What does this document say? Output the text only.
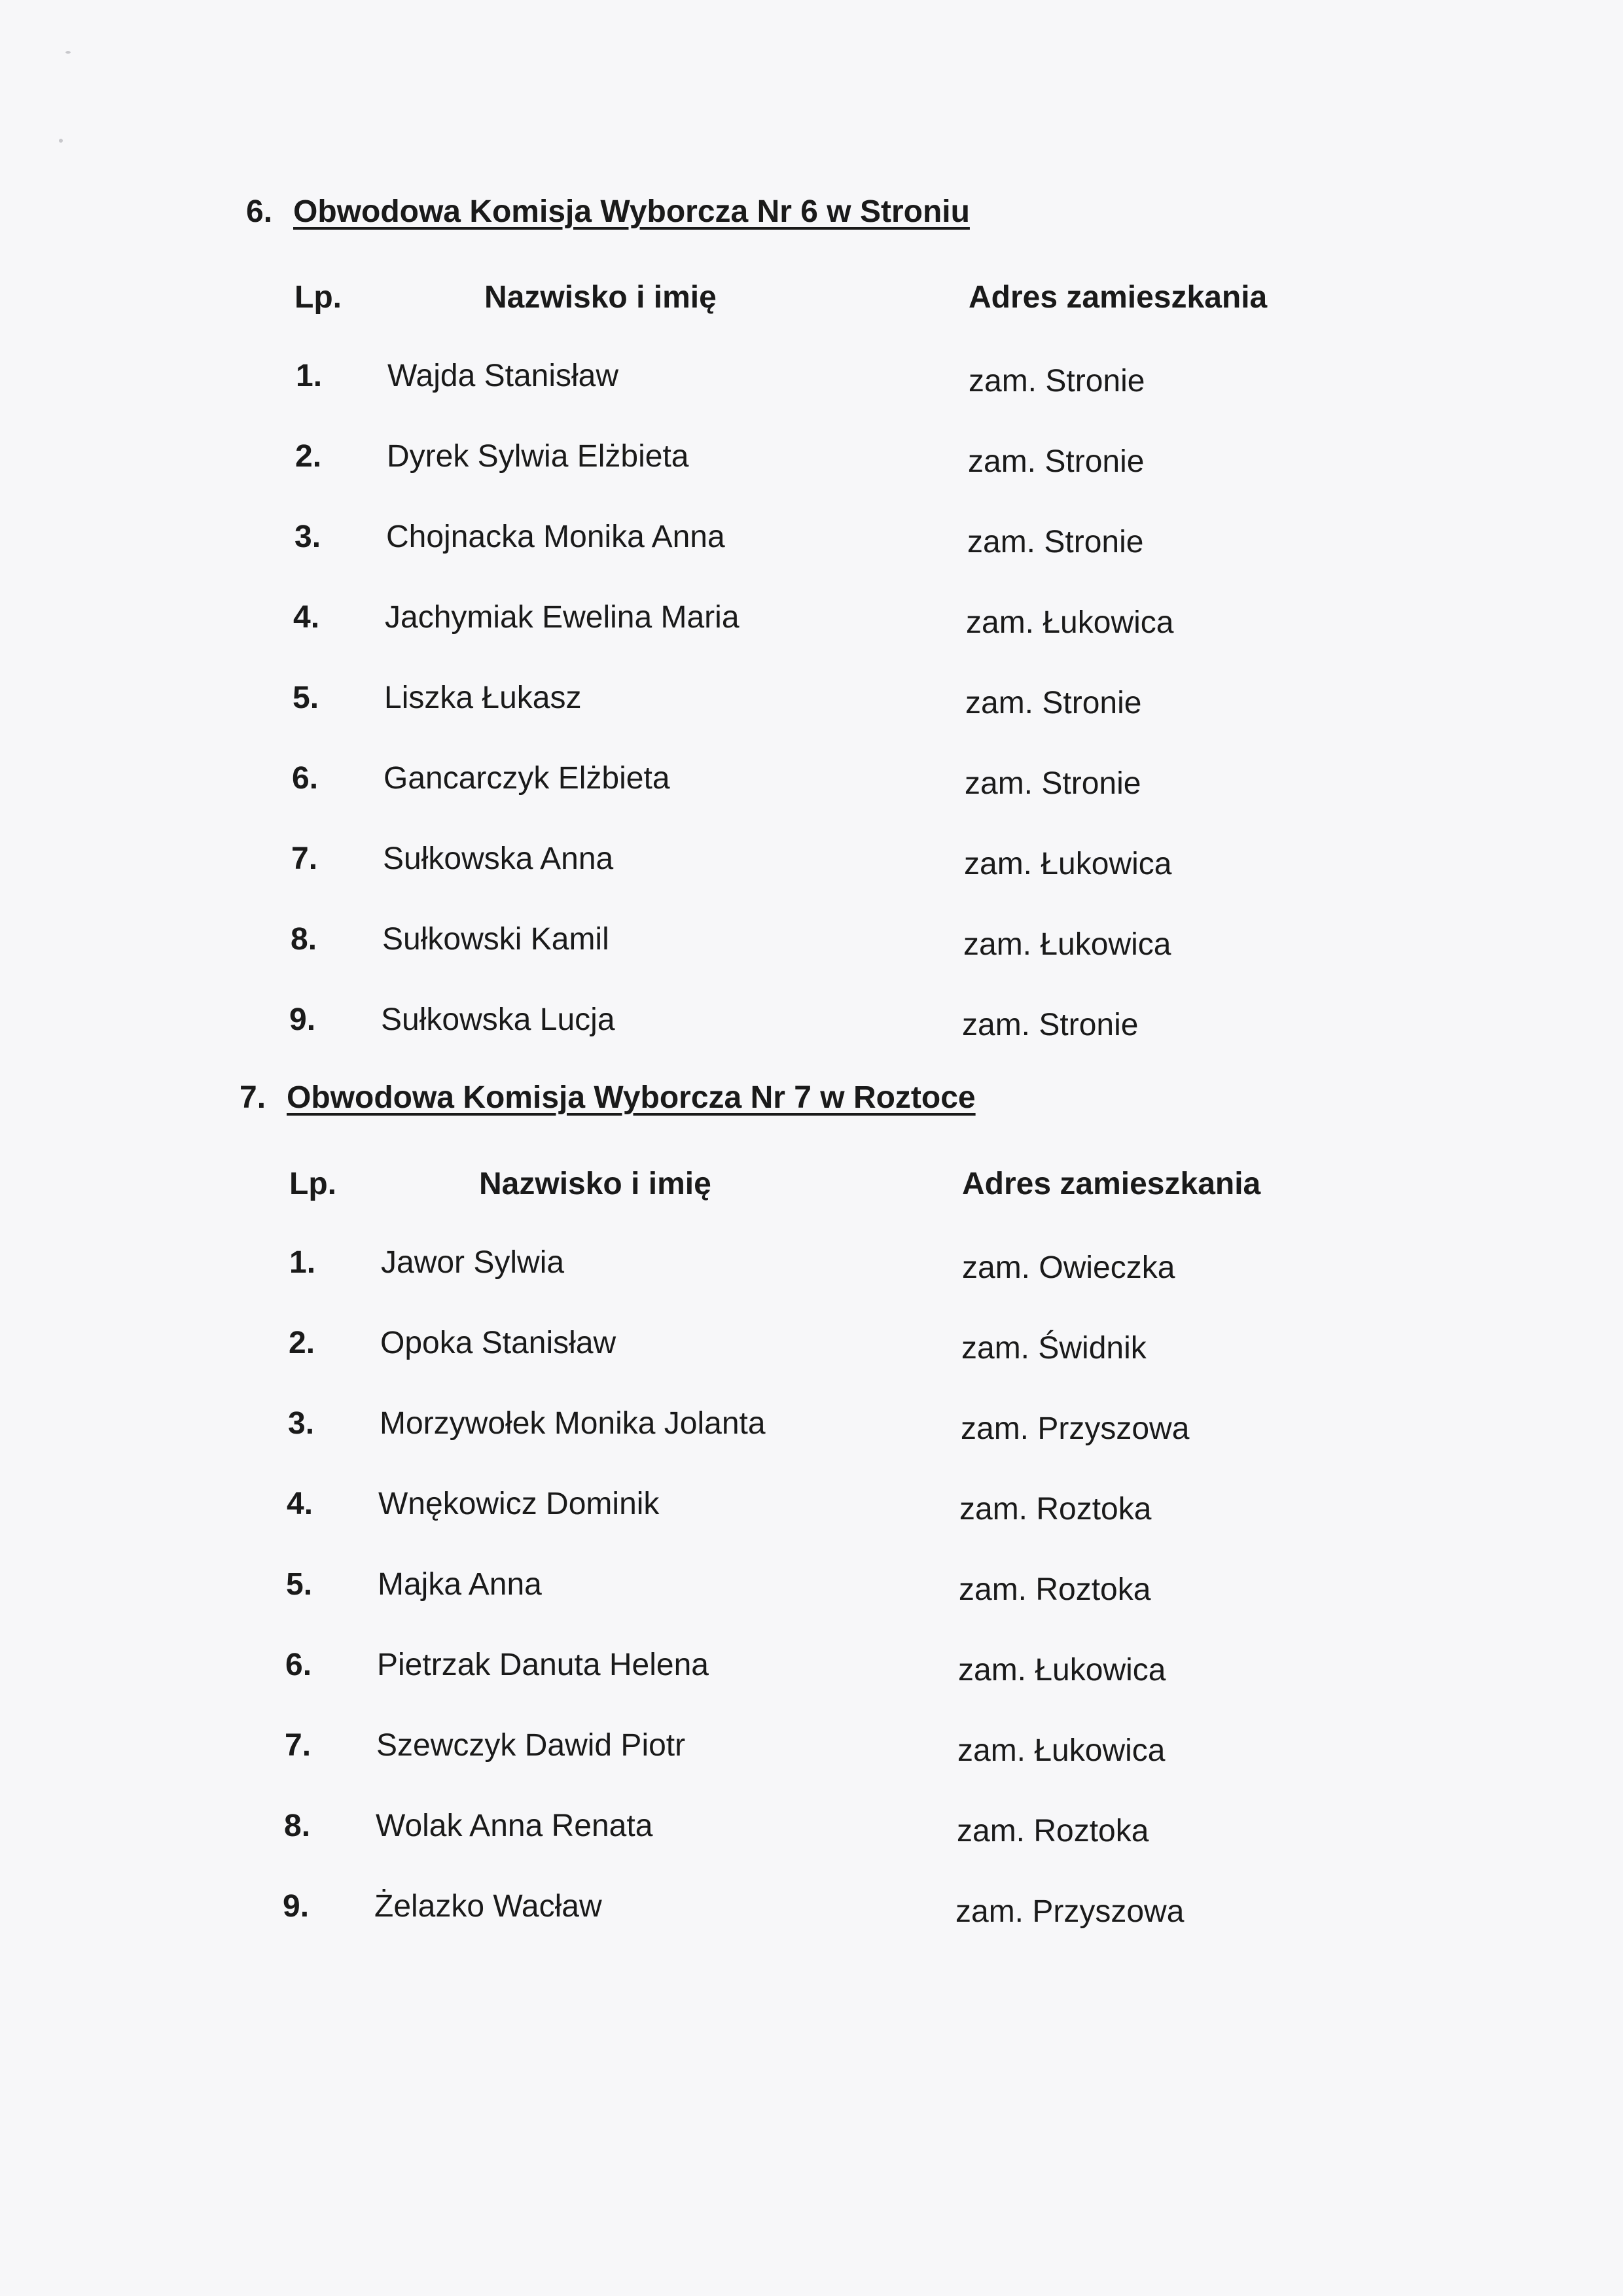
6. Obwodowa Komisja Wyborcza Nr 6 w Stroniu
Lp.	Nazwisko i imię	Adres zamieszkania
1. Wajda Stanisław	zam. Stronie
2. Dyrek Sylwia Elżbieta	zam. Stronie
3. Chojnacka Monika Anna	zam. Stronie
4. Jachymiak Ewelina Maria	zam. Łukowica
5. Liszka Łukasz	zam. Stronie
6. Gancarczyk Elżbieta	zam. Stronie
7. Sułkowska Anna	zam. Łukowica
8. Sułkowski Kamil	zam. Łukowica
9. Sułkowska Lucja	zam. Stronie
7. Obwodowa Komisja Wyborcza Nr 7 w Roztoce
Lp.	Nazwisko i imię	Adres zamieszkania
1. Jawor Sylwia	zam. Owieczka
2. Opoka Stanisław	zam. Świdnik
3. Morzywołek Monika Jolanta	zam. Przyszowa
4. Wnękowicz Dominik	zam. Roztoka
5. Majka Anna	zam. Roztoka
6. Pietrzak Danuta Helena	zam. Łukowica
7. Szewczyk Dawid Piotr	zam. Łukowica
8. Wolak Anna Renata	zam. Roztoka
9. Żelazko Wacław	zam. Przyszowa
